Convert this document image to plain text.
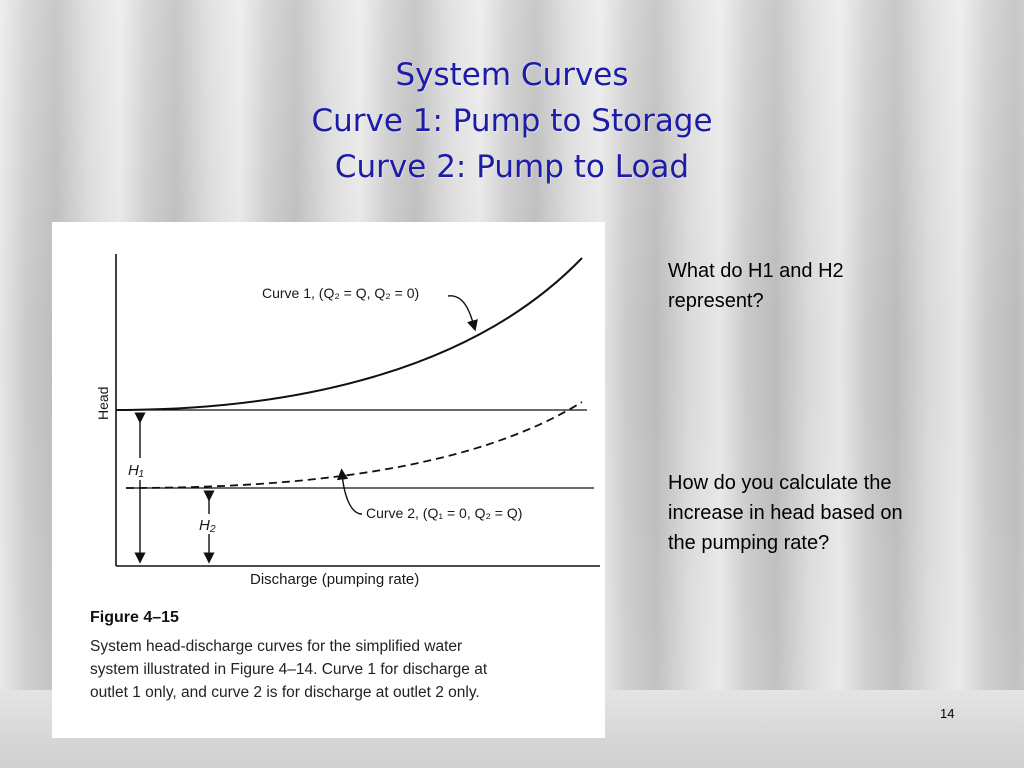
System Curves
Curve 1: Pump to Storage
Curve 2: Pump to Load
H₁
H₂
Curve 1, (Q₂ = Q, Q₂ = 0)
Curve 2, (Q₁ = 0, Q₂ = Q)
Head
Discharge (pumping rate)
Figure 4–15
System head-discharge curves for the simplified water
system illustrated in Figure 4–14. Curve 1 for discharge at
outlet 1 only, and curve 2 is for discharge at outlet 2 only.
What do H1 and H2 represent?
How do you calculate the increase in head based on the pumping rate?
14
